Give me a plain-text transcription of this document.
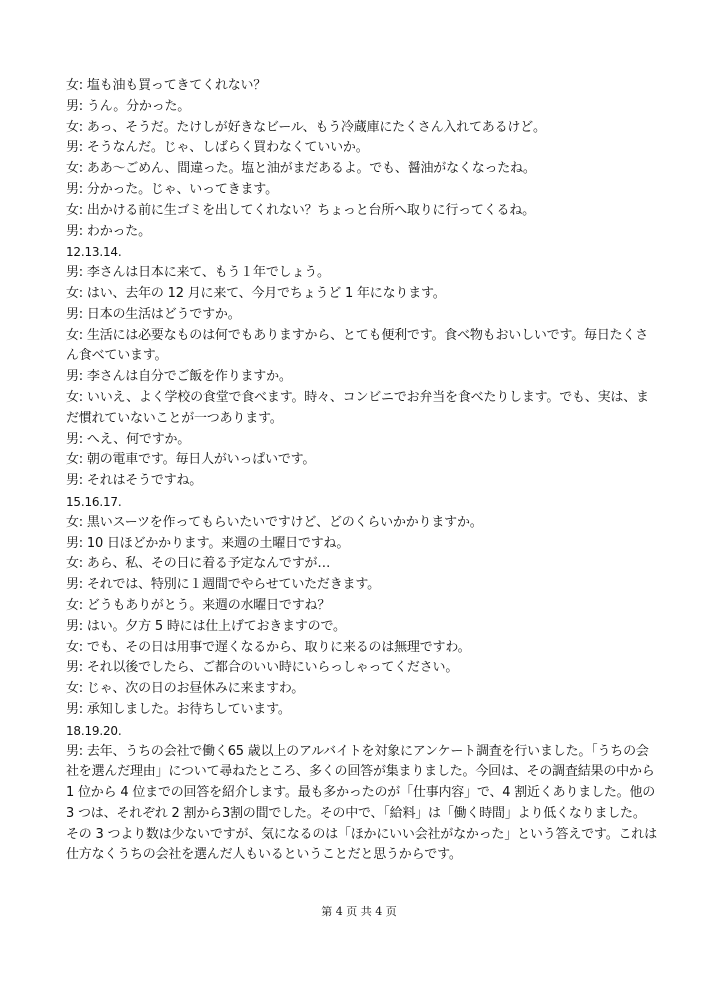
女: 塩も油も買ってきてくれない？
男: うん。分かった。
女: あっ、そうだ。たけしが好きなビール、もう冷蔵庫にたくさん入れてあるけど。
男: そうなんだ。じゃ、しばらく買わなくていいか。
女: ああ～ごめん、間違った。塩と油がまだあるよ。でも、醤油がなくなったね。
男: 分かった。じゃ、いってきます。
女: 出かける前に生ゴミを出してくれない？ちょっと台所へ取りに行ってくるね。
男: わかった。
12.13.14.
男: 李さんは日本に来て、もう１年でしょう。
女: はい、去年の 12 月に来て、今月でちょうど 1 年になります。
男: 日本の生活はどうですか。
女: 生活には必要なものは何でもありますから、とても便利です。食べ物もおいしいです。毎日たくさん食べています。
男: 李さんは自分でご飯を作りますか。
女: いいえ、よく学校の食堂で食べます。時々、コンビニでお弁当を食べたりします。でも、実は、まだ慣れていないことが一つあります。
男: へえ、何ですか。
女: 朝の電車です。毎日人がいっぱいです。
男: それはそうですね。
15.16.17.
女: 黒いスーツを作ってもらいたいですけど、どのくらいかかりますか。
男: 10 日ほどかかります。来週の土曜日ですね。
女: あら、私、その日に着る予定なんですが…
男: それでは、特別に１週間でやらせていただきます。
女: どうもありがとう。来週の水曜日ですね？
男: はい。夕方 5 時には仕上げておきますので。
女: でも、その日は用事で遅くなるから、取りに来るのは無理ですわ。
男: それ以後でしたら、ご都合のいい時にいらっしゃってください。
女: じゃ、次の日のお昼休みに来ますわ。
男: 承知しました。お待ちしています。
18.19.20.
男: 去年、うちの会社で働く65 歳以上のアルバイトを対象にアンケート調査を行いました。「うちの会社を選んだ理由」について尋ねたところ、多くの回答が集まりました。今回は、その調査結果の中から 1 位から 4 位までの回答を紹介します。最も多かったのが「仕事内容」で、4 割近くありました。他の 3 つは、それぞれ 2 割から3割の間でした。その中で、「給料」は「働く時間」より低くなりました。その 3 つより数は少ないですが、気になるのは「ほかにいい会社がなかった」という答えです。これは仕方なくうちの会社を選んだ人もいるということだと思うからです。
第 4 页 共 4 页
